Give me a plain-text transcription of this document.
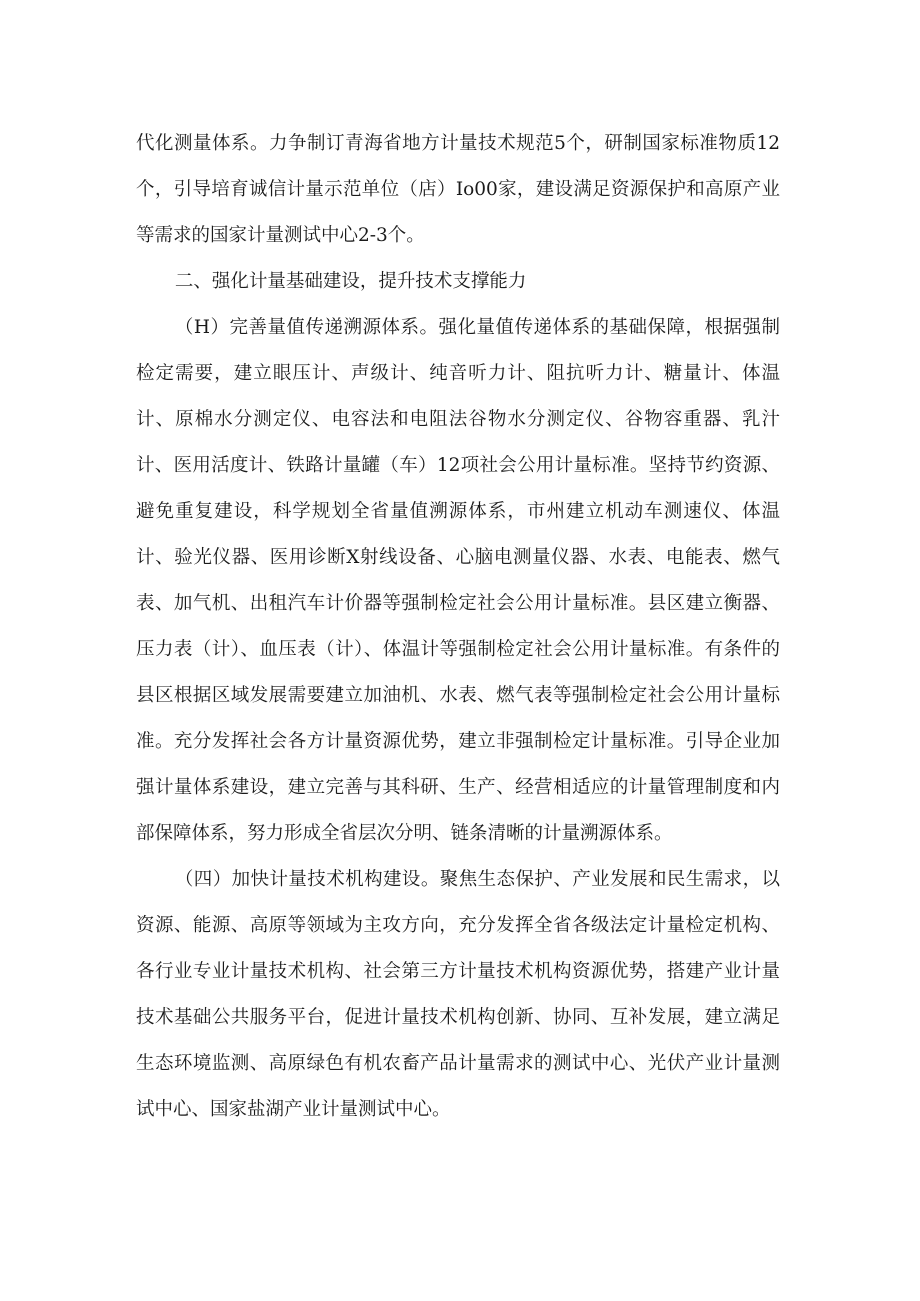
代化测量体系。力争制订青海省地方计量技术规范5个，研制国家标准物质12个，引导培育诚信计量示范单位（店）Io00家，建设满足资源保护和高原产业等需求的国家计量测试中心2-3个。

二、强化计量基础建设，提升技术支撑能力

（H）完善量值传递溯源体系。强化量值传递体系的基础保障，根据强制检定需要，建立眼压计、声级计、纯音听力计、阻抗听力计、糖量计、体温计、原棉水分测定仪、电容法和电阻法谷物水分测定仪、谷物容重器、乳汁计、医用活度计、铁路计量罐（车）12项社会公用计量标准。坚持节约资源、避免重复建设，科学规划全省量值溯源体系，市州建立机动车测速仪、体温计、验光仪器、医用诊断X射线设备、心脑电测量仪器、水表、电能表、燃气表、加气机、出租汽车计价器等强制检定社会公用计量标准。县区建立衡器、压力表（计）、血压表（计）、体温计等强制检定社会公用计量标准。有条件的县区根据区域发展需要建立加油机、水表、燃气表等强制检定社会公用计量标准。充分发挥社会各方计量资源优势，建立非强制检定计量标准。引导企业加强计量体系建设，建立完善与其科研、生产、经营相适应的计量管理制度和内部保障体系，努力形成全省层次分明、链条清晰的计量溯源体系。

（四）加快计量技术机构建设。聚焦生态保护、产业发展和民生需求，以资源、能源、高原等领域为主攻方向，充分发挥全省各级法定计量检定机构、各行业专业计量技术机构、社会第三方计量技术机构资源优势，搭建产业计量技术基础公共服务平台，促进计量技术机构创新、协同、互补发展，建立满足生态环境监测、高原绿色有机农畜产品计量需求的测试中心、光伏产业计量测试中心、国家盐湖产业计量测试中心。
